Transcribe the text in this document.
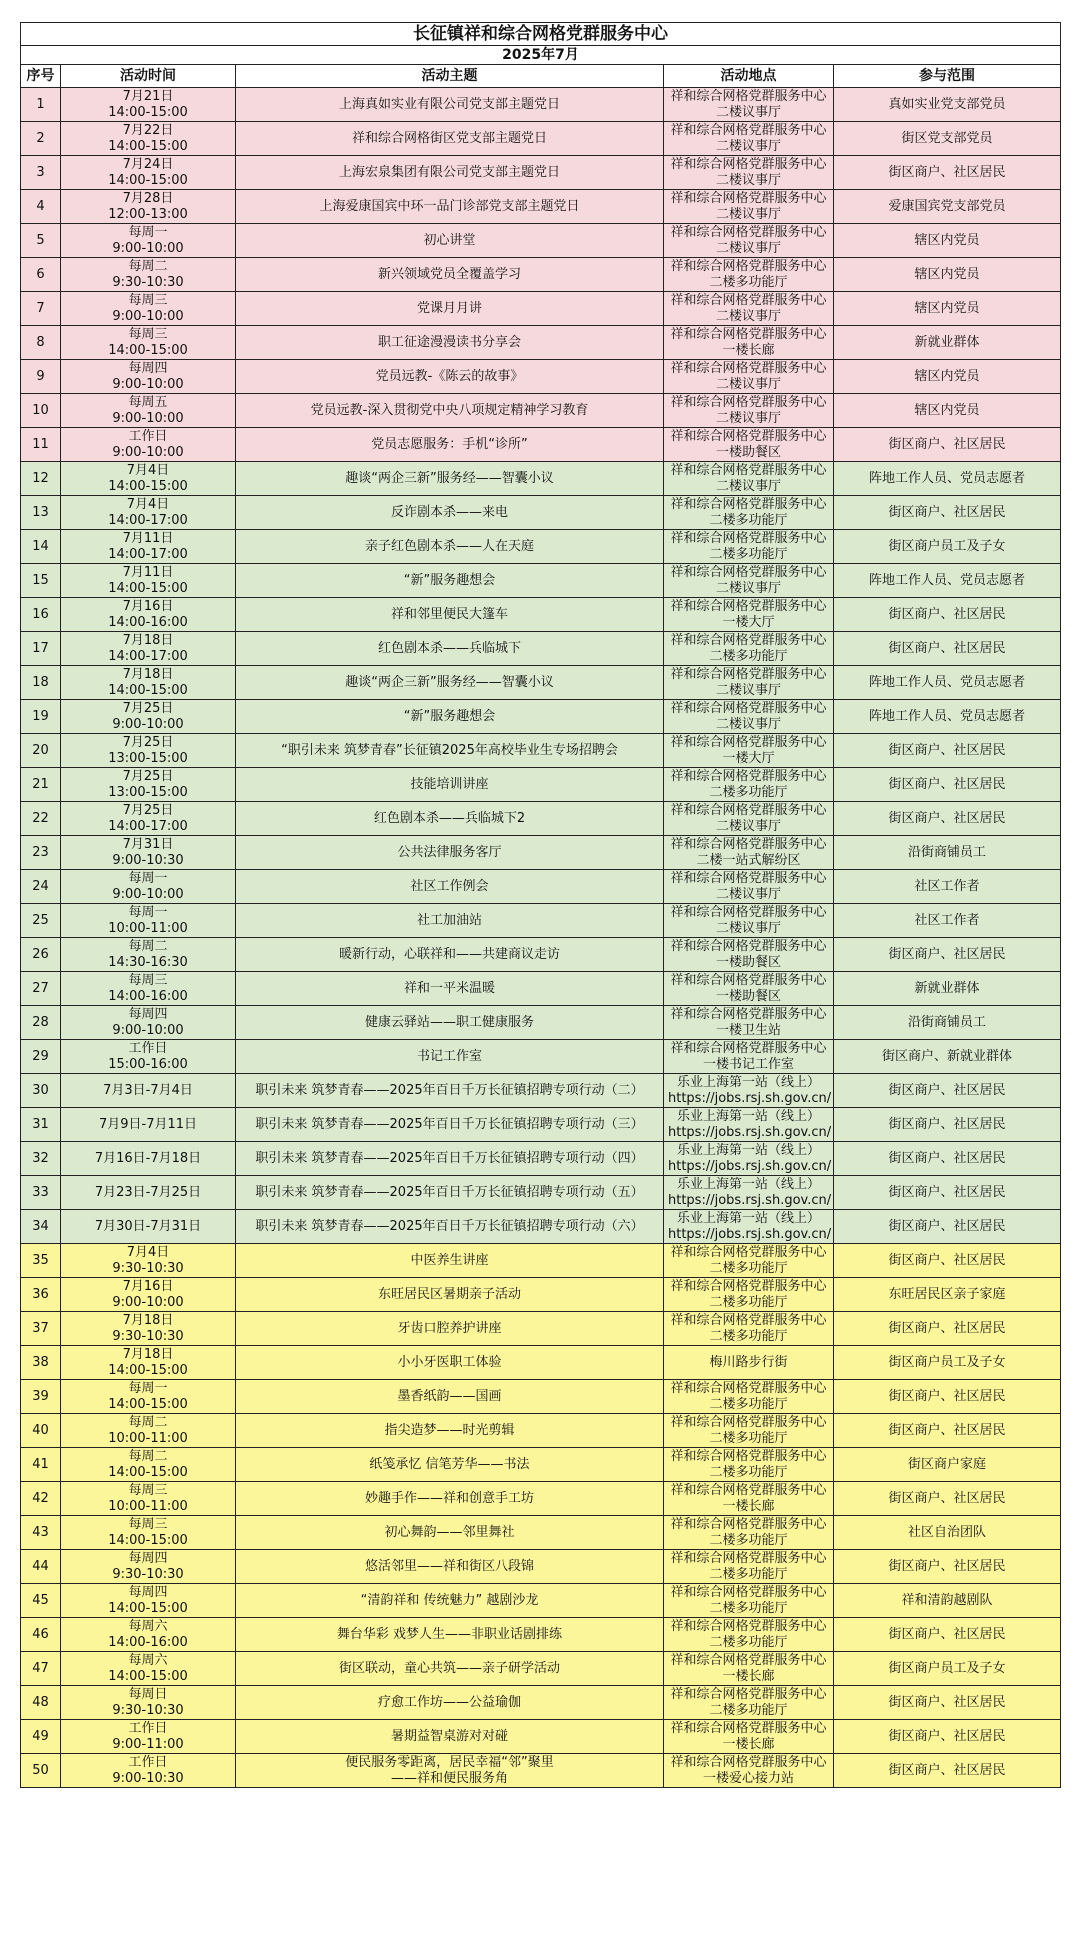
长征镇祥和综合网格党群服务中心				
2025年7月				
序号	活动时间	活动主题	活动地点	参与范围
1	7月21日
14:00-15:00	上海真如实业有限公司党支部主题党日	祥和综合网格党群服务中心
二楼议事厅	真如实业党支部党员
2	7月22日
14:00-15:00	祥和综合网格街区党支部主题党日	祥和综合网格党群服务中心
二楼议事厅	街区党支部党员
3	7月24日
14:00-15:00	上海宏泉集团有限公司党支部主题党日	祥和综合网格党群服务中心
二楼议事厅	街区商户、社区居民
4	7月28日
12:00-13:00	上海爱康国宾中环一品门诊部党支部主题党日	祥和综合网格党群服务中心
二楼议事厅	爱康国宾党支部党员
5	每周一
9:00-10:00	初心讲堂	祥和综合网格党群服务中心
二楼议事厅	辖区内党员
6	每周二
9:30-10:30	新兴领域党员全覆盖学习	祥和综合网格党群服务中心
二楼多功能厅	辖区内党员
7	每周三
9:00-10:00	党课月月讲	祥和综合网格党群服务中心
二楼议事厅	辖区内党员
8	每周三
14:00-15:00	职工征途漫漫读书分享会	祥和综合网格党群服务中心
一楼长廊	新就业群体
9	每周四
9:00-10:00	党员远教-《陈云的故事》	祥和综合网格党群服务中心
二楼议事厅	辖区内党员
10	每周五
9:00-10:00	党员远教-深入贯彻党中央八项规定精神学习教育	祥和综合网格党群服务中心
二楼议事厅	辖区内党员
11	工作日
9:00-10:00	党员志愿服务：手机“诊所”	祥和综合网格党群服务中心
一楼助餐区	街区商户、社区居民
12	7月4日
14:00-15:00	趣谈“两企三新”服务经——智囊小议	祥和综合网格党群服务中心
二楼议事厅	阵地工作人员、党员志愿者
13	7月4日
14:00-17:00	反诈剧本杀——来电	祥和综合网格党群服务中心
二楼多功能厅	街区商户、社区居民
14	7月11日
14:00-17:00	亲子红色剧本杀——人在天庭	祥和综合网格党群服务中心
二楼多功能厅	街区商户员工及子女
15	7月11日
14:00-15:00	“新”服务趣想会	祥和综合网格党群服务中心
二楼议事厅	阵地工作人员、党员志愿者
16	7月16日
14:00-16:00	祥和邻里便民大篷车	祥和综合网格党群服务中心
一楼大厅	街区商户、社区居民
17	7月18日
14:00-17:00	红色剧本杀——兵临城下	祥和综合网格党群服务中心
二楼多功能厅	街区商户、社区居民
18	7月18日
14:00-15:00	趣谈“两企三新”服务经——智囊小议	祥和综合网格党群服务中心
二楼议事厅	阵地工作人员、党员志愿者
19	7月25日
9:00-10:00	“新”服务趣想会	祥和综合网格党群服务中心
二楼议事厅	阵地工作人员、党员志愿者
20	7月25日
13:00-15:00	“职引未来 筑梦青春”长征镇2025年高校毕业生专场招聘会	祥和综合网格党群服务中心
一楼大厅	街区商户、社区居民
21	7月25日
13:00-15:00	技能培训讲座	祥和综合网格党群服务中心
二楼多功能厅	街区商户、社区居民
22	7月25日
14:00-17:00	红色剧本杀——兵临城下2	祥和综合网格党群服务中心
二楼议事厅	街区商户、社区居民
23	7月31日
9:00-10:30	公共法律服务客厅	祥和综合网格党群服务中心
二楼一站式解纷区	沿街商铺员工
24	每周一
9:00-10:00	社区工作例会	祥和综合网格党群服务中心
二楼议事厅	社区工作者
25	每周一
10:00-11:00	社工加油站	祥和综合网格党群服务中心
二楼议事厅	社区工作者
26	每周二
14:30-16:30	暖新行动，心联祥和——共建商议走访	祥和综合网格党群服务中心
一楼助餐区	街区商户、社区居民
27	每周三
14:00-16:00	祥和一平米温暖	祥和综合网格党群服务中心
一楼助餐区	新就业群体
28	每周四
9:00-10:00	健康云驿站——职工健康服务	祥和综合网格党群服务中心
一楼卫生站	沿街商铺员工
29	工作日
15:00-16:00	书记工作室	祥和综合网格党群服务中心
一楼书记工作室	街区商户、新就业群体
30	7月3日-7月4日	职引未来 筑梦青春——2025年百日千万长征镇招聘专项行动（二）	乐业上海第一站（线上）
https://jobs.rsj.sh.gov.cn/	街区商户、社区居民
31	7月9日-7月11日	职引未来 筑梦青春——2025年百日千万长征镇招聘专项行动（三）	乐业上海第一站（线上）
https://jobs.rsj.sh.gov.cn/	街区商户、社区居民
32	7月16日-7月18日	职引未来 筑梦青春——2025年百日千万长征镇招聘专项行动（四）	乐业上海第一站（线上）
https://jobs.rsj.sh.gov.cn/	街区商户、社区居民
33	7月23日-7月25日	职引未来 筑梦青春——2025年百日千万长征镇招聘专项行动（五）	乐业上海第一站（线上）
https://jobs.rsj.sh.gov.cn/	街区商户、社区居民
34	7月30日-7月31日	职引未来 筑梦青春——2025年百日千万长征镇招聘专项行动（六）	乐业上海第一站（线上）
https://jobs.rsj.sh.gov.cn/	街区商户、社区居民
35	7月4日
9:30-10:30	中医养生讲座	祥和综合网格党群服务中心
二楼多功能厅	街区商户、社区居民
36	7月16日
9:00-10:00	东旺居民区暑期亲子活动	祥和综合网格党群服务中心
二楼多功能厅	东旺居民区亲子家庭
37	7月18日
9:30-10:30	牙齿口腔养护讲座	祥和综合网格党群服务中心
二楼多功能厅	街区商户、社区居民
38	7月18日
14:00-15:00	小小牙医职工体验	梅川路步行街	街区商户员工及子女
39	每周一
14:00-15:00	墨香纸韵——国画	祥和综合网格党群服务中心
二楼多功能厅	街区商户、社区居民
40	每周二
10:00-11:00	指尖造梦——时光剪辑	祥和综合网格党群服务中心
二楼多功能厅	街区商户、社区居民
41	每周二
14:00-15:00	纸笺承忆 信笔芳华——书法	祥和综合网格党群服务中心
二楼多功能厅	街区商户家庭
42	每周三
10:00-11:00	妙趣手作——祥和创意手工坊	祥和综合网格党群服务中心
一楼长廊	街区商户、社区居民
43	每周三
14:00-15:00	初心舞韵——邻里舞社	祥和综合网格党群服务中心
二楼多功能厅	社区自治团队
44	每周四
9:30-10:30	悠活邻里——祥和街区八段锦	祥和综合网格党群服务中心
二楼多功能厅	街区商户、社区居民
45	每周四
14:00-15:00	“清韵祥和 传统魅力” 越剧沙龙	祥和综合网格党群服务中心
二楼多功能厅	祥和清韵越剧队
46	每周六
14:00-16:00	舞台华彩 戏梦人生——非职业话剧排练	祥和综合网格党群服务中心
二楼多功能厅	街区商户、社区居民
47	每周六
14:00-15:00	街区联动，童心共筑——亲子研学活动	祥和综合网格党群服务中心
一楼长廊	街区商户员工及子女
48	每周日
9:30-10:30	疗愈工作坊——公益瑜伽	祥和综合网格党群服务中心
二楼多功能厅	街区商户、社区居民
49	工作日
9:00-11:00	暑期益智桌游对对碰	祥和综合网格党群服务中心
一楼长廊	街区商户、社区居民
50	工作日
9:00-10:30	便民服务零距离，居民幸福“邻”聚里
——祥和便民服务角	祥和综合网格党群服务中心
一楼爱心接力站	街区商户、社区居民
